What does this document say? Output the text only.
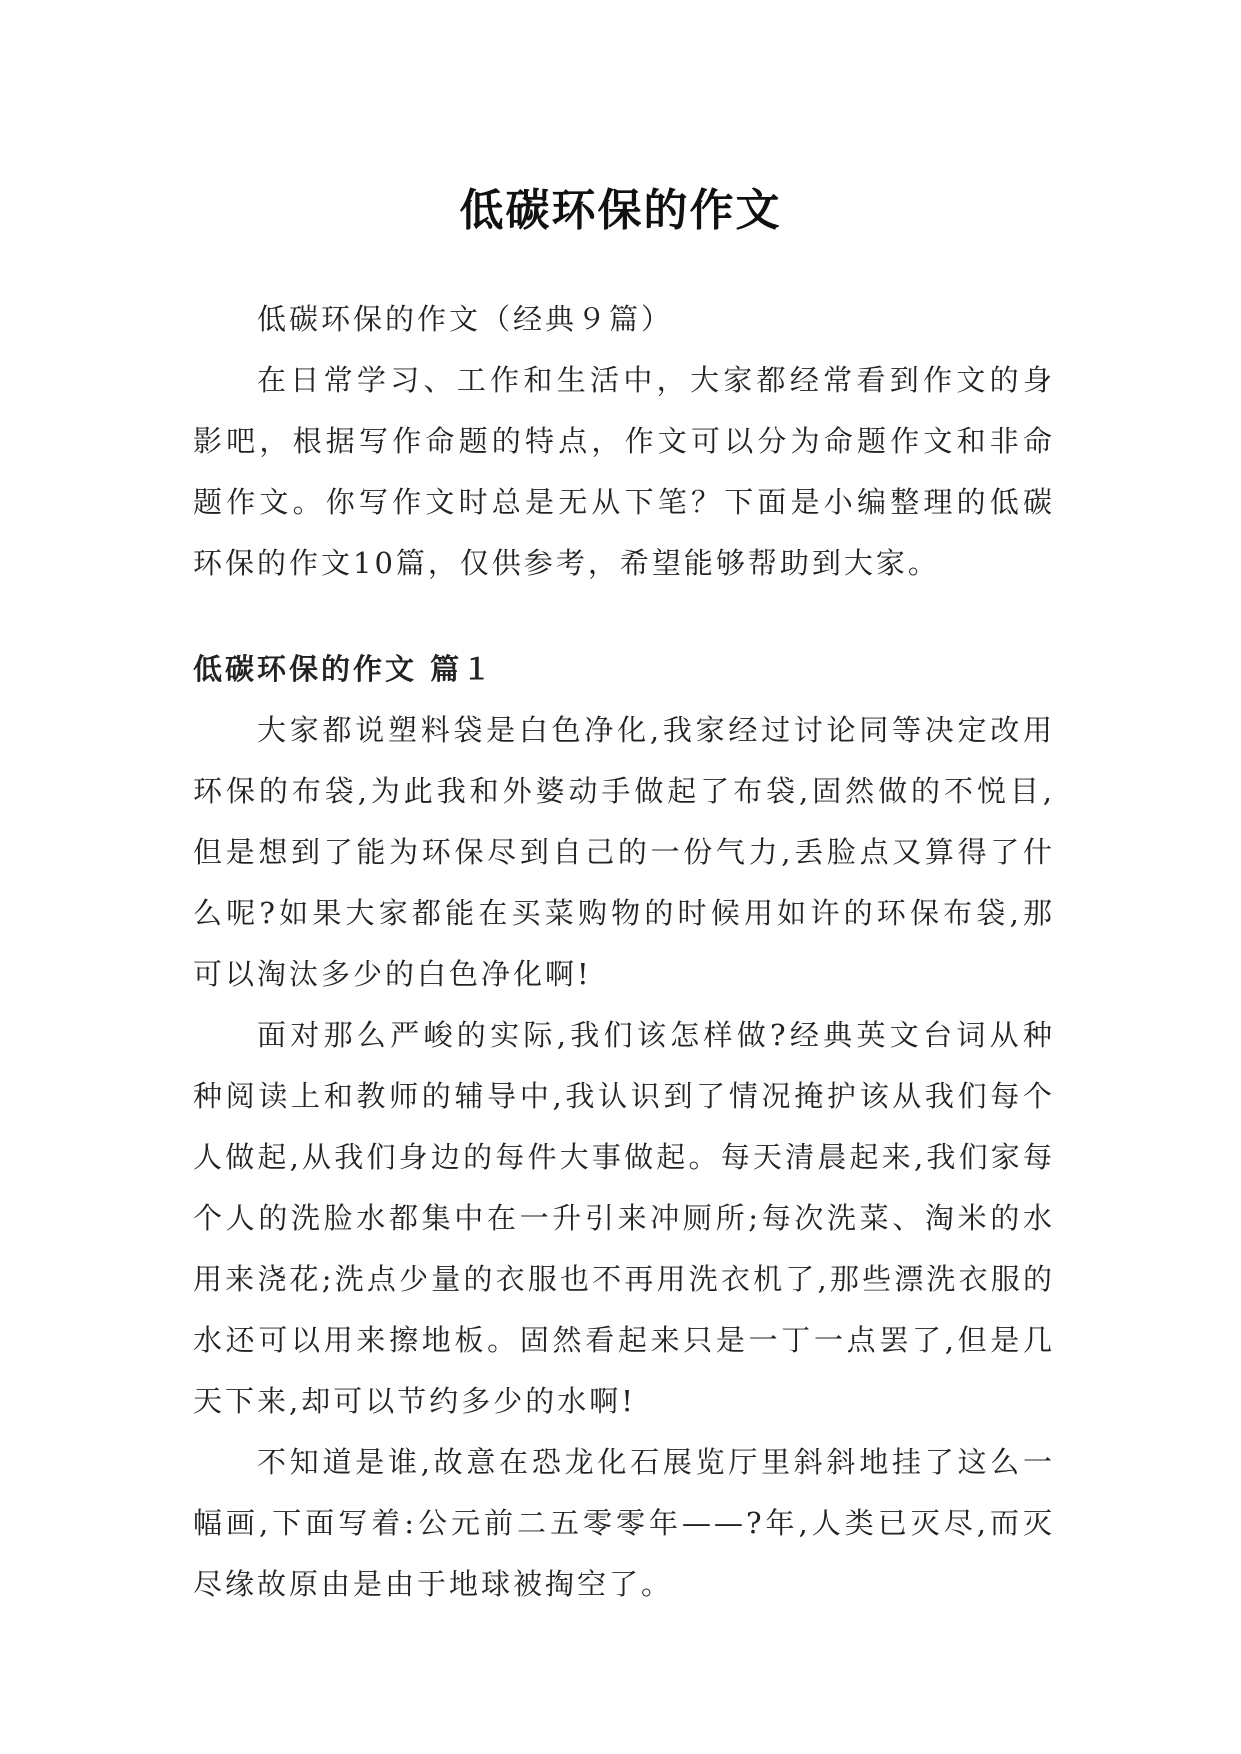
低碳环保的作文

低碳环保的作文（经典９篇）

在日常学习、工作和生活中，大家都经常看到作文的身影吧，根据写作命题的特点，作文可以分为命题作文和非命题作文。你写作文时总是无从下笔？下面是小编整理的低碳环保的作文10篇，仅供参考，希望能够帮助到大家。

低碳环保的作文 篇１

大家都说塑料袋是白色净化,我家经过讨论同等决定改用环保的布袋,为此我和外婆动手做起了布袋,固然做的不悦目,但是想到了能为环保尽到自己的一份气力,丢脸点又算得了什么呢?如果大家都能在买菜购物的时候用如许的环保布袋,那可以淘汰多少的白色净化啊!

面对那么严峻的实际,我们该怎样做?经典英文台词从种种阅读上和教师的辅导中,我认识到了情况掩护该从我们每个人做起,从我们身边的每件大事做起。每天清晨起来,我们家每个人的洗脸水都集中在一升引来冲厕所;每次洗菜、淘米的水用来浇花;洗点少量的衣服也不再用洗衣机了,那些漂洗衣服的水还可以用来擦地板。固然看起来只是一丁一点罢了,但是几天下来,却可以节约多少的水啊!

不知道是谁,故意在恐龙化石展览厅里斜斜地挂了这么一幅画,下面写着:公元前二五零零年——?年,人类已灭尽,而灭尽缘故原由是由于地球被掏空了。
